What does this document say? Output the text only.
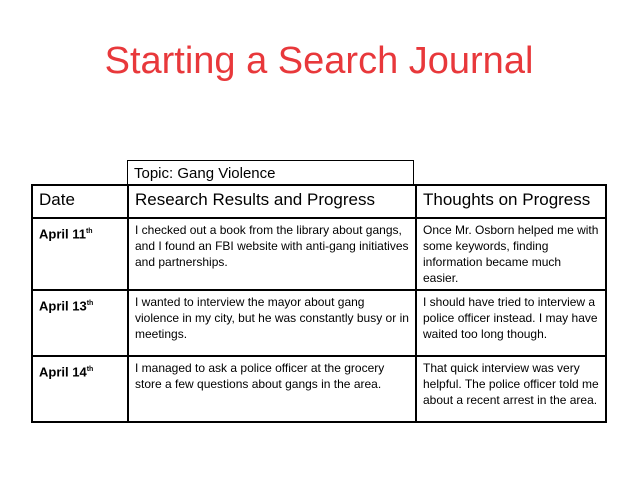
Starting a Search Journal
Topic: Gang Violence
Date	Research Results and Progress	Thoughts on Progress
April 11th	I checked out a book from the library about gangs, and I found an FBI website with anti-gang initiatives and partnerships.	Once Mr. Osborn helped me with some keywords, finding information became much easier.
April 13th	I wanted to interview the mayor about gang violence in my city, but he was constantly busy or in meetings.	I should have tried to interview a police officer instead. I may have waited too long though.
April 14th	I managed to ask a police officer at the grocery store a few questions about gangs in the area.	That quick interview was very helpful. The police officer told me about a recent arrest in the area.
